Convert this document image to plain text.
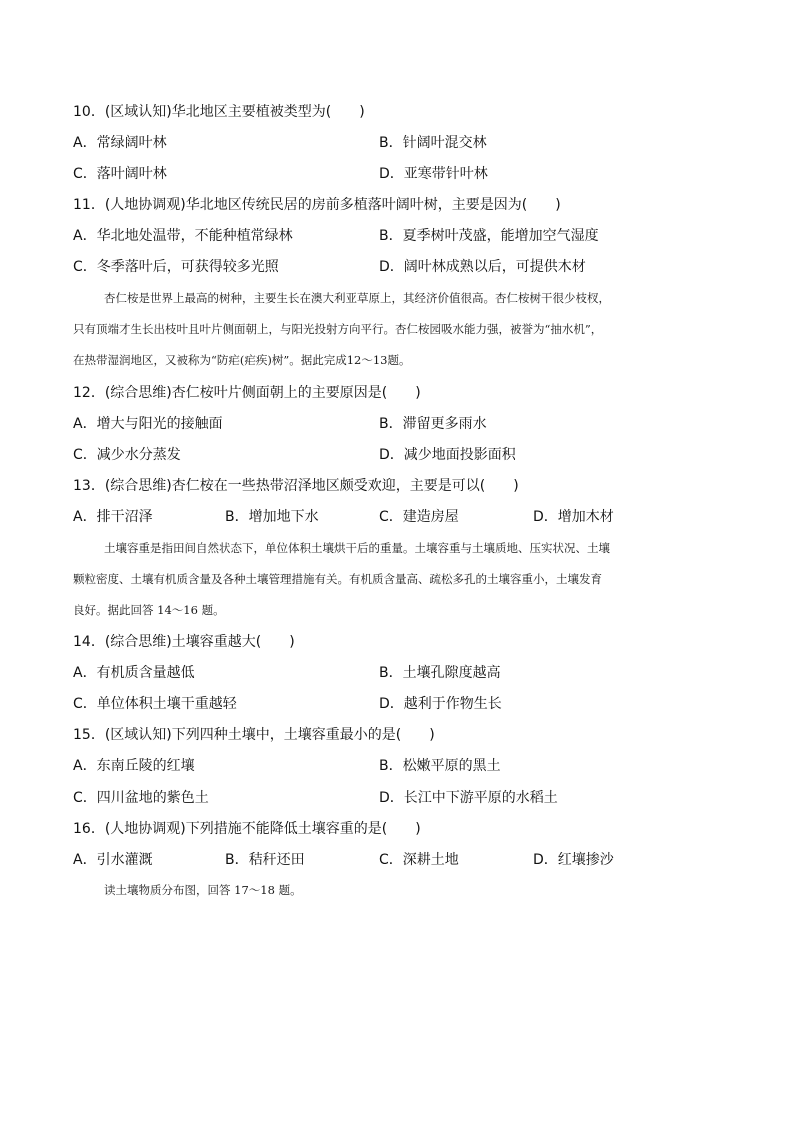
10．(区域认知)华北地区主要植被类型为(　　)
A．常绿阔叶林	B．针阔叶混交林
C．落叶阔叶林	D．亚寒带针叶林
11．(人地协调观)华北地区传统民居的房前多植落叶阔叶树，主要是因为(　　)
A．华北地处温带，不能种植常绿林	B．夏季树叶茂盛，能增加空气湿度
C．冬季落叶后，可获得较多光照	D．阔叶林成熟以后，可提供木材
杏仁桉是世界上最高的树种，主要生长在澳大利亚草原上，其经济价值很高。杏仁桉树干很少枝杈，
只有顶端才生长出枝叶且叶片侧面朝上，与阳光投射方向平行。杏仁桉园吸水能力强，被誉为“抽水机”，
在热带湿润地区，又被称为“防疟(疟疾)树”。据此完成12～13题。
12．(综合思维)杏仁桉叶片侧面朝上的主要原因是(　　)
A．增大与阳光的接触面	B．滞留更多雨水
C．减少水分蒸发	D．减少地面投影面积
13．(综合思维)杏仁桉在一些热带沼泽地区颇受欢迎，主要是可以(　　)
A．排干沼泽	B．增加地下水	C．建造房屋	D．增加木材
土壤容重是指田间自然状态下，单位体积土壤烘干后的重量。土壤容重与土壤质地、压实状况、土壤
颗粒密度、土壤有机质含量及各种土壤管理措施有关。有机质含量高、疏松多孔的土壤容重小，土壤发育
良好。据此回答 14～16 题。
14．(综合思维)土壤容重越大(　　)
A．有机质含量越低	B．土壤孔隙度越高
C．单位体积土壤干重越轻	D．越利于作物生长
15．(区域认知)下列四种土壤中，土壤容重最小的是(　　)
A．东南丘陵的红壤	B．松嫩平原的黑土
C．四川盆地的紫色土	D．长江中下游平原的水稻土
16．(人地协调观)下列措施不能降低土壤容重的是(　　)
A．引水灌溉	B．秸秆还田	C．深耕土地	D．红壤掺沙
读土壤物质分布图，回答 17～18 题。
